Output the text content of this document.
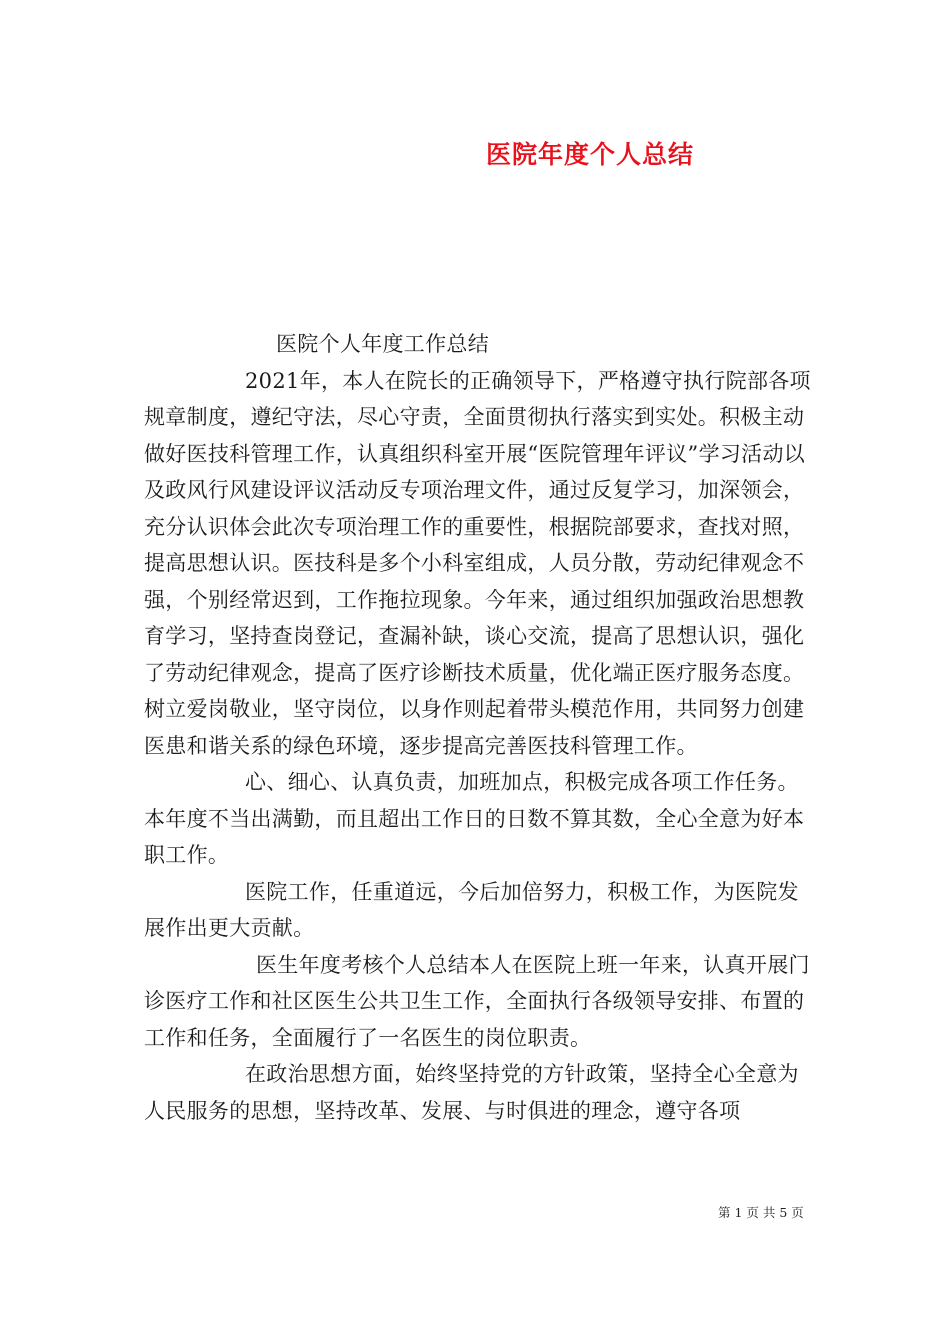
医院年度个人总结

医院个人年度工作总结

2021年，本人在院长的正确领导下，严格遵守执行院部各项规章制度，遵纪守法，尽心守责，全面贯彻执行落实到实处。积极主动做好医技科管理工作，认真组织科室开展“医院管理年评议”学习活动以及政风行风建设评议活动反专项治理文件，通过反复学习，加深领会，充分认识体会此次专项治理工作的重要性，根据院部要求，查找对照，提高思想认识。医技科是多个小科室组成，人员分散，劳动纪律观念不强，个别经常迟到，工作拖拉现象。今年来，通过组织加强政治思想教育学习，坚持查岗登记，查漏补缺，谈心交流，提高了思想认识，强化了劳动纪律观念，提高了医疗诊断技术质量，优化端正医疗服务态度。树立爱岗敬业，坚守岗位，以身作则起着带头模范作用，共同努力创建医患和谐关系的绿色环境，逐步提高完善医技科管理工作。

心、细心、认真负责，加班加点，积极完成各项工作任务。本年度不当出满勤，而且超出工作日的日数不算其数，全心全意为好本职工作。

医院工作，任重道远，今后加倍努力，积极工作，为医院发展作出更大贡献。

医生年度考核个人总结本人在医院上班一年来，认真开展门诊医疗工作和社区医生公共卫生工作，全面执行各级领导安排、布置的工作和任务，全面履行了一名医生的岗位职责。

在政治思想方面，始终坚持党的方针政策，坚持全心全意为人民服务的思想，坚持改革、发展、与时俱进的理念，遵守各项

第 1 页 共 5 页
